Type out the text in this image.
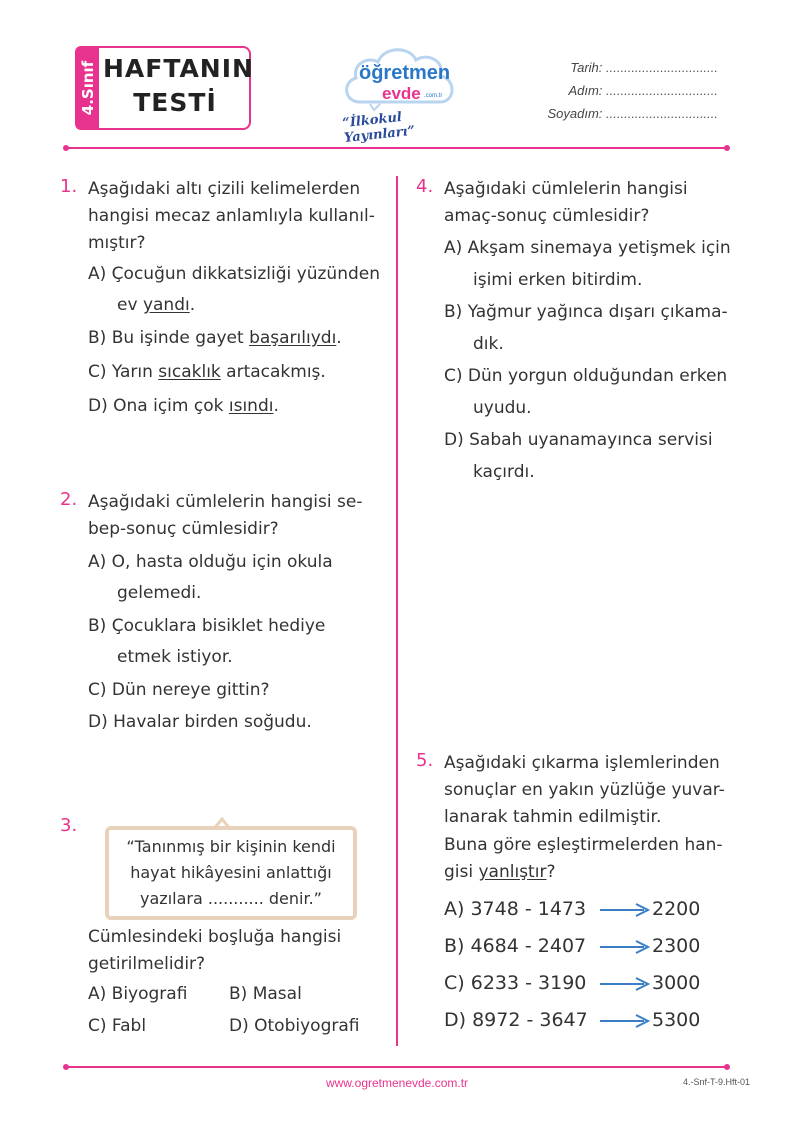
4.Sınıf HAFTANIN
TESTİ
öğretmen
evde .com.tr
“İlkokul Yayınları”
Tarih: ...............................
Adım: ...............................
Soyadım: ...............................
1. Aşağıdaki altı çizili kelimelerden
hangisi mecaz anlamlıyla kullanıl-
mıştır?
A) Çocuğun dikkatsizliği yüzünden
ev yandı.
B) Bu işinde gayet başarılıydı.
C) Yarın sıcaklık artacakmış.
D) Ona içim çok ısındı.
2. Aşağıdaki cümlelerin hangisi se-
bep-sonuç cümlesidir?
A) O, hasta olduğu için okula
gelemedi.
B) Çocuklara bisiklet hediye
etmek istiyor.
C) Dün nereye gittin?
D) Havalar birden soğudu.
3.
“Tanınmış bir kişinin kendi
hayat hikâyesini anlattığı
yazılara ........... denir.”
Cümlesindeki boşluğa hangisi
getirilmelidir?
A) Biyografi B) Masal
C) Fabl	D) Otobiyografi
4. Aşağıdaki cümlelerin hangisi
amaç-sonuç cümlesidir?
A) Akşam sinemaya yetişmek için
işimi erken bitirdim.
B) Yağmur yağınca dışarı çıkama-
dık.
C) Dün yorgun olduğundan erken
uyudu.
D) Sabah uyanamayınca servisi
kaçırdı.
5. Aşağıdaki çıkarma işlemlerinden
sonuçlar en yakın yüzlüğe yuvar-
lanarak tahmin edilmiştir.
Buna göre eşleştirmelerden han-
gisi yanlıştır?
A) 3748 - 1473	2200
B) 4684 - 2407	2300
C) 6233 - 3190	3000
D) 8972 - 3647	5300
www.ogretmenevde.com.tr	4.-Snf-T-9.Hft-01
